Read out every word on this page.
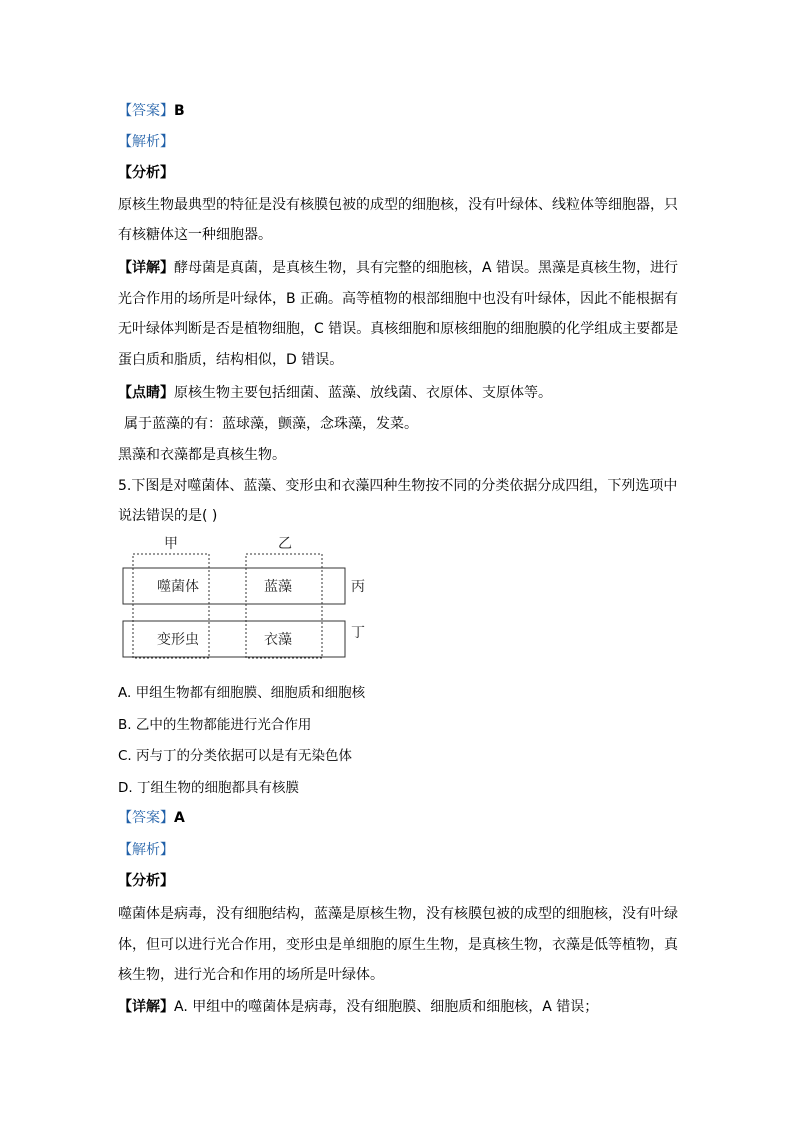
【答案】B
【解析】
【分析】
原核生物最典型的特征是没有核膜包被的成型的细胞核，没有叶绿体、线粒体等细胞器，只
有核糖体这一种细胞器。
【详解】酵母菌是真菌，是真核生物，具有完整的细胞核，A 错误。黑藻是真核生物，进行
光合作用的场所是叶绿体，B 正确。高等植物的根部细胞中也没有叶绿体，因此不能根据有
无叶绿体判断是否是植物细胞，C 错误。真核细胞和原核细胞的细胞膜的化学组成主要都是
蛋白质和脂质，结构相似，D 错误。
【点睛】原核生物主要包括细菌、蓝藻、放线菌、衣原体、支原体等。
属于蓝藻的有：蓝球藻，颤藻，念珠藻，发菜。
黑藻和衣藻都是真核生物。
5.下图是对噬菌体、蓝藻、变形虫和衣藻四种生物按不同的分类依据分成四组，下列选项中
说法错误的是( )
甲	乙
噬菌体	蓝藻
变形虫	衣藻
丙
丁
A. 甲组生物都有细胞膜、细胞质和细胞核
B. 乙中的生物都能进行光合作用
C. 丙与丁的分类依据可以是有无染色体
D. 丁组生物的细胞都具有核膜
【答案】A
【解析】
【分析】
噬菌体是病毒，没有细胞结构，蓝藻是原核生物，没有核膜包被的成型的细胞核，没有叶绿
体，但可以进行光合作用，变形虫是单细胞的原生生物，是真核生物，衣藻是低等植物，真
核生物，进行光合和作用的场所是叶绿体。
【详解】A. 甲组中的噬菌体是病毒，没有细胞膜、细胞质和细胞核，A 错误；
